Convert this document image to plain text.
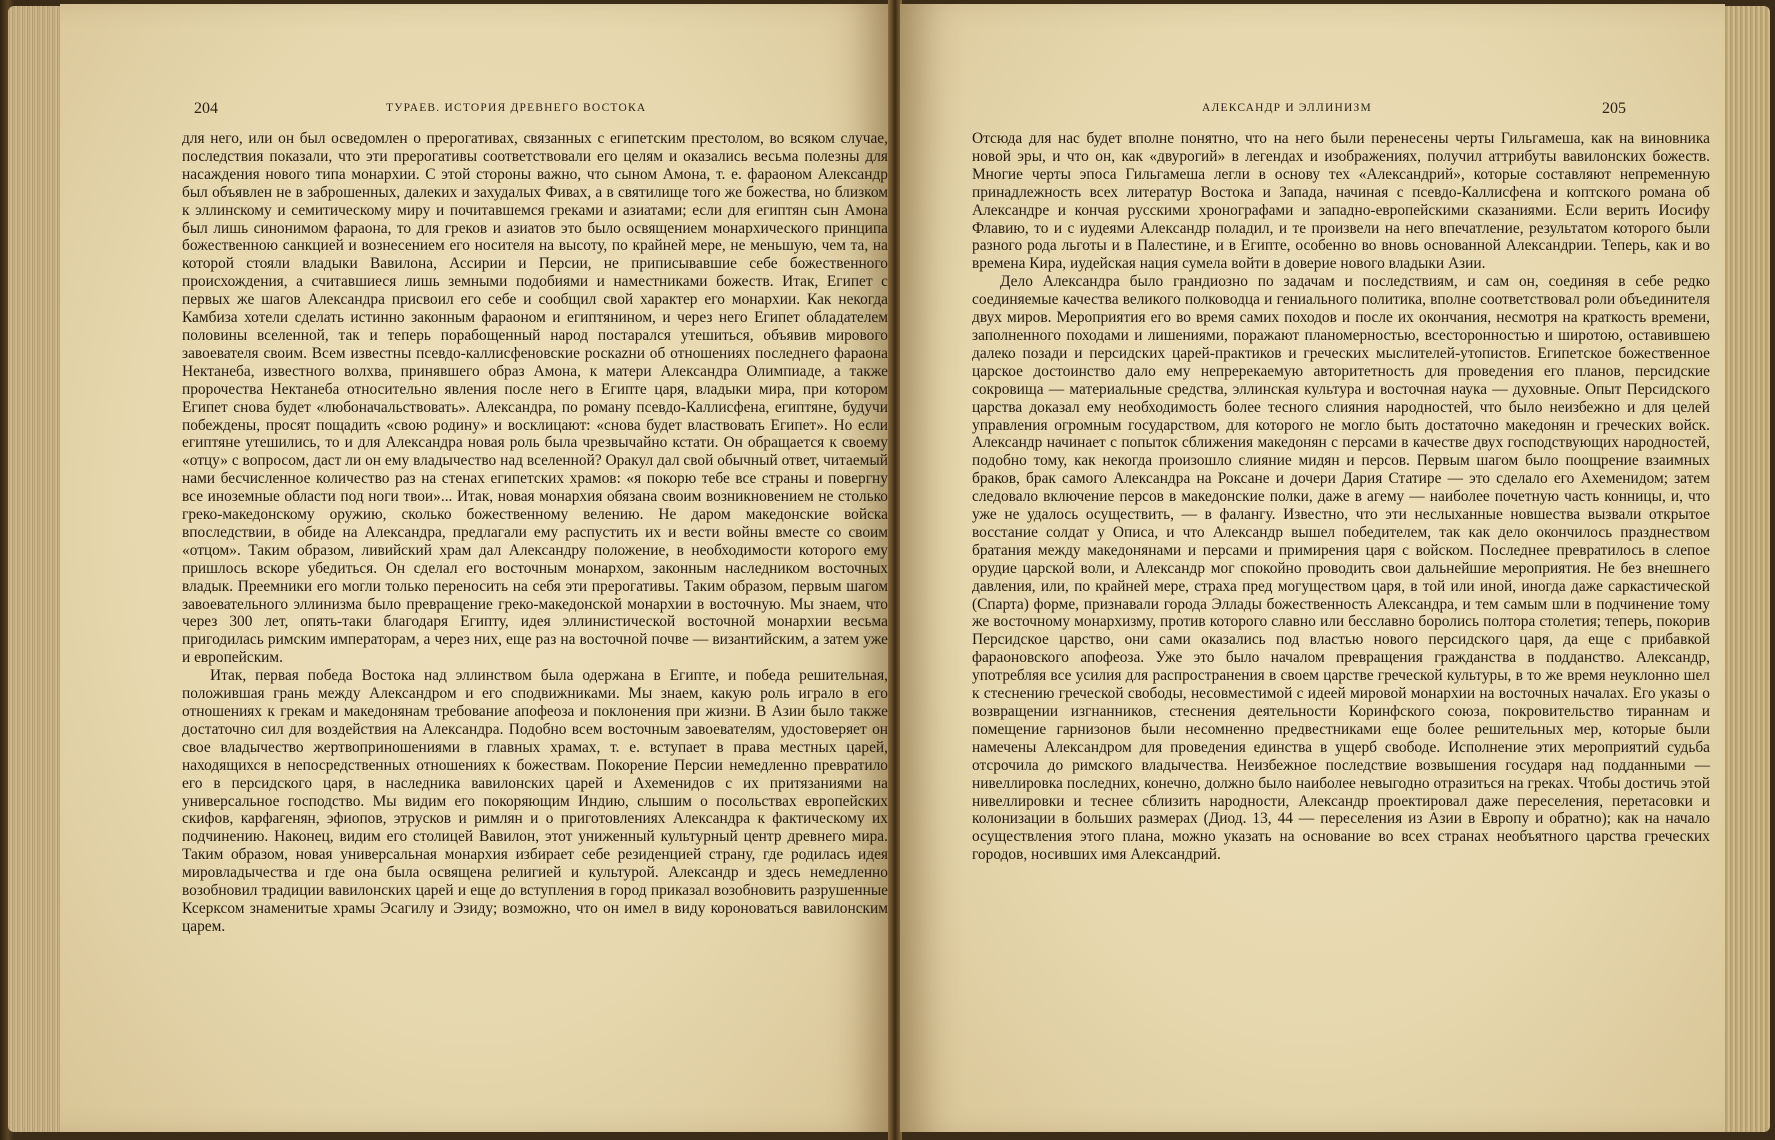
204	ТУРАЕВ. ИСТОРИЯ ДРЕВНЕГО ВОСТОКА

для него, или он был осведомлен о прерогативах, связанных с египетским престолом, во всяком случае, последствия показали, что эти прерогативы соответствовали его целям и оказались весьма полезны для насаждения нового типа монархии. С этой стороны важно, что сыном Амона, т. е. фараоном Александр был объявлен не в заброшенных, далеких и захудалых Фивах, а в святилище того же божества, но близком к эллинскому и семитическому миру и почитавшемся греками и азиатами; если для египтян сын Амона был лишь синонимом фараона, то для греков и азиатов это было освящением монархического принципа божественною санкцией и вознесением его носителя на высоту, по крайней мере, не меньшую, чем та, на которой стояли владыки Вавилона, Ассирии и Персии, не приписывавшие себе божественного происхождения, а считавшиеся лишь земными подобиями и наместниками божеств. Итак, Египет с первых же шагов Александра присвоил его себе и сообщил свой характер его монархии. Как некогда Камбиза хотели сделать истинно законным фараоном и египтянином, и через него Египет обладателем половины вселенной, так и теперь порабощенный народ постарался утешиться, объявив мирового завоевателя своим. Всем известны псевдо-каллисфеновские роскazни об отношениях последнего фараона Нектанеба, известного волхва, принявшего образ Амона, к матери Александра Олимпиаде, а также пророчества Нектанеба относительно явления после него в Египте царя, владыки мира, при котором Египет снова будет «любоначальствовать». Александра, по роману псевдо-Каллисфена, египтяне, будучи побеждены, просят пощадить «свою родину» и восклицают: «снова будет властвовать Египет». Но если египтяне утешились, то и для Александра новая роль была чрезвычайно кстати. Он обращается к своему «отцу» с вопросом, даст ли он ему владычество над вселенной? Оракул дал свой обычный ответ, читаемый нами бесчисленное количество раз на стенах египетских храмов: «я покорю тебе все страны и повергну все иноземные области под ноги твои»... Итак, новая монархия обязана своим возникновением не столько греко-македонскому оружию, сколько божественному велению. Не даром македонские войска впоследствии, в обиде на Александра, предлагали ему распустить их и вести войны вместе со своим «отцом». Таким образом, ливийский храм дал Александру положение, в необходимости которого ему пришлось вскоре убедиться. Он сделал его восточным монархом, законным наследником восточных владык. Преемники его могли только переносить на себя эти прерогативы. Таким образом, первым шагом завоевательного эллинизма было превращение греко-македонской монархии в восточную. Мы знаем, что через 300 лет, опять-таки благодаря Египту, идея эллинистической восточной монархии весьма пригодилась римским императорам, а через них, еще раз на восточной почве — византийским, а затем уже и европейским.

Итак, первая победа Востока над эллинством была одержана в Египте, и победа решительная, положившая грань между Александром и его сподвижниками. Мы знаем, какую роль играло в его отношениях к грекам и македонянам требование апофеоза и поклонения при жизни. В Азии было также достаточно сил для воздействия на Александра. Подобно всем восточным завоевателям, удостоверяет он свое владычество жертвоприношениями в главных храмах, т. е. вступает в права местных царей, находящихся в непосредственных отношениях к божествам. Покорение Персии немедленно превратило его в персидского царя, в наследника вавилонских царей и Ахеменидов с их притязаниями на универсальное господство. Мы видим его покоряющим Индию, слышим о посольствах европейских скифов, карфагенян, эфиопов, этрусков и римлян и о приготовлениях Александра к фактическому их подчинению. Наконец, видим его столицей Вавилон, этот униженный культурный центр древнего мира. Таким образом, новая универсальная монархия избирает себе резиденцией страну, где родилась идея мировладычества и где она была освящена религией и культурой. Александр и здесь немедленно возобновил традиции вавилонских царей и еще до вступления в город приказал возобновить разрушенные Ксерксом знаменитые храмы Эсагилу и Эзиду; возможно, что он имел в виду короноваться вавилонским царем.

АЛЕКСАНДР И ЭЛЛИНИЗМ	205

Отсюда для нас будет вполне понятно, что на него были перенесены черты Гильгамеша, как на виновника новой эры, и что он, как «двурогий» в легендах и изображениях, получил аттрибуты вавилонских божеств. Многие черты эпоса Гильгамеша легли в основу тех «Александрий», которые составляют непременную принадлежность всех литератур Востока и Запада, начиная с псевдо-Каллисфена и коптского романа об Александре и кончая русскими хронографами и западно-европейскими сказаниями. Если верить Иосифу Флавию, то и с иудеями Александр поладил, и те произвели на него впечатление, результатом которого были разного рода льготы и в Палестине, и в Египте, особенно во вновь основанной Александрии. Теперь, как и во времена Кира, иудейская нация сумела войти в доверие нового владыки Азии.

Дело Александра было грандиозно по задачам и последствиям, и сам он, соединяя в себе редко соединяемые качества великого полководца и гениального политика, вполне соответствовал роли объединителя двух миров. Мероприятия его во время самих походов и после их окончания, несмотря на краткость времени, заполненного походами и лишениями, поражают планомерностью, всесторонностью и широтою, оставившею далеко позади и персидских царей-практиков и греческих мыслителей-утопистов. Египетское божественное царское достоинство дало ему непререкаемую авторитетность для проведения его планов, персидские сокровища — материальные средства, эллинская культура и восточная наука — духовные. Опыт Персидского царства доказал ему необходимость более тесного слияния народностей, что было неизбежно и для целей управления огромным государством, для которого не могло быть достаточно македонян и греческих войск. Александр начинает с попыток сближения македонян с персами в качестве двух господствующих народностей, подобно тому, как некогда произошло слияние мидян и персов. Первым шагом было поощрение взаимных браков, брак самого Александра на Роксане и дочери Дария Статире — это сделало его Ахеменидом; затем следовало включение персов в македонские полки, даже в агему — наиболее почетную часть конницы, и, что уже не удалось осуществить, — в фалангу. Известно, что эти неслыханные новшества вызвали открытое восстание солдат у Описа, и что Александр вышел победителем, так как дело окончилось празднеством братания между македонянами и персами и примирения царя с войском. Последнее превратилось в слепое орудие царской воли, и Александр мог спокойно проводить свои дальнейшие мероприятия. Не без внешнего давления, или, по крайней мере, страха пред могуществом царя, в той или иной, иногда даже саркастической (Спарта) форме, признавали города Эллады божественность Александра, и тем самым шли в подчинение тому же восточному монархизму, против которого славно или бесславно боролись полтора столетия; теперь, покорив Персидское царство, они сами оказались под властью нового персидского царя, да еще с прибавкой фараоновского апофеоза. Уже это было началом превращения гражданства в подданство. Александр, употребляя все усилия для распространения в своем царстве греческой культуры, в то же время неуклонно шел к стеснению греческой свободы, несовместимой с идеей мировой монархии на восточных началах. Его указы о возвращении изгнанников, стеснения деятельности Коринфского союза, покровительство тираннам и помещение гарнизонов были несомненно предвестниками еще более решительных мер, которые были намечены Александром для проведения единства в ущерб свободе. Исполнение этих мероприятий судьба отсрочила до римского владычества. Неизбежное последствие возвышения государя над подданными — нивеллировка последних, конечно, должно было наиболее невыгодно отразиться на греках. Чтобы достичь этой нивеллировки и теснее сблизить народности, Александр проектировал даже переселения, перетасовки и колонизации в больших размерах (Диод. 13, 44 — переселения из Азии в Европу и обратно); как на начало осуществления этого плана, можно указать на основание во всех странах необъятного царства греческих городов, носивших имя Александрий.
